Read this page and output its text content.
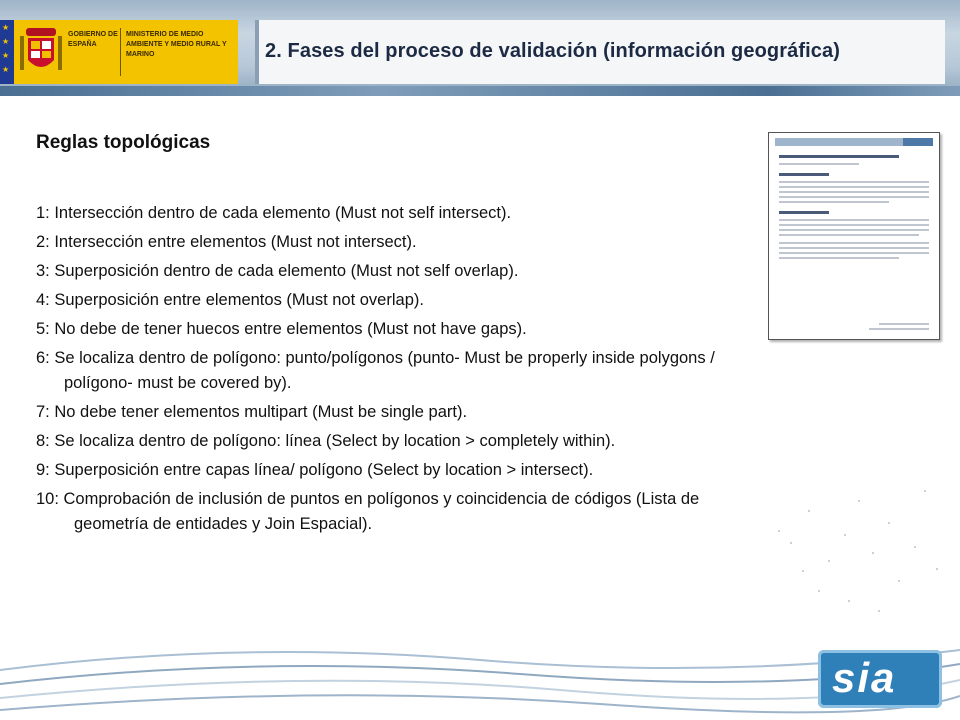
★
★
★
★
GOBIERNO DE ESPAÑA
MINISTERIO DE MEDIO AMBIENTE Y MEDIO RURAL Y MARINO	2. Fases del proceso de validación (información geográfica)
Reglas topológicas
1: Intersección dentro de cada elemento (Must not self intersect).
2: Intersección entre elementos (Must not intersect).
3: Superposición dentro de cada elemento (Must not self overlap).
4: Superposición entre elementos (Must not overlap).
5: No debe de tener huecos entre elementos (Must not have gaps).
6: Se localiza dentro de polígono: punto/polígonos (punto- Must be properly inside polygons / polígono- must be covered by).
7: No debe tener elementos multipart (Must be single part).
8: Se localiza dentro de polígono: línea (Select by location > completely within).
9: Superposición entre capas línea/ polígono (Select by location > intersect).
10: Comprobación de inclusión de puntos en polígonos y coincidencia de códigos (Lista de geometría de entidades y Join Espacial).
sia
